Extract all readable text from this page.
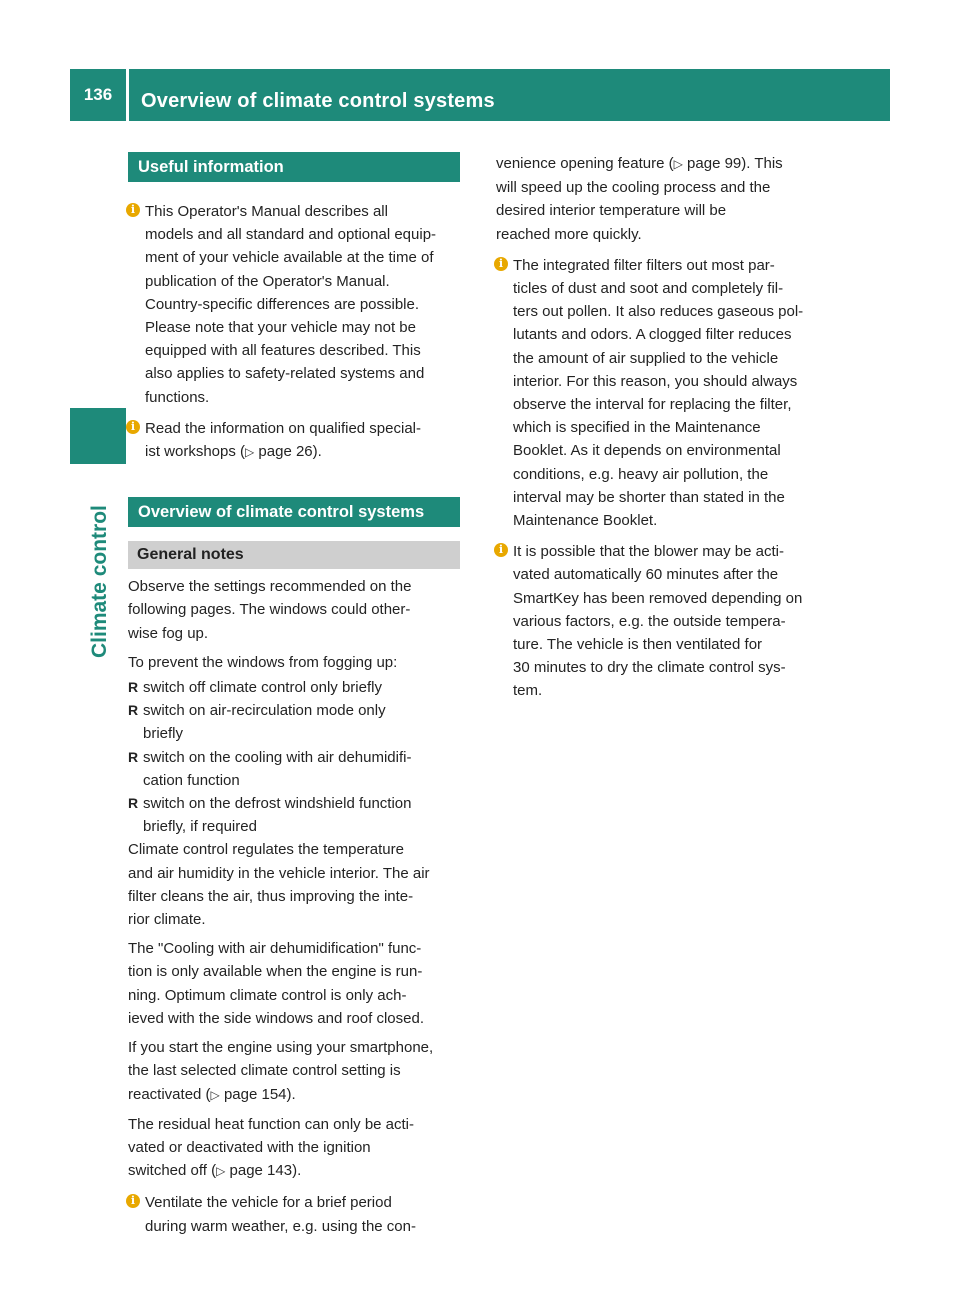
136	Overview of climate control systems
Climate control
Useful information
i This Operator's Manual describes all
models and all standard and optional equip-
ment of your vehicle available at the time of
publication of the Operator's Manual.
Country-specific differences are possible.
Please note that your vehicle may not be
equipped with all features described. This
also applies to safety-related systems and
functions.
i Read the information on qualified special-
ist workshops (▷ page 26).
Overview of climate control systems
General notes

Observe the settings recommended on the
following pages. The windows could other-
wise fog up.

To prevent the windows from fogging up:

R switch off climate control only briefly
R switch on air-recirculation mode only
briefly
R switch on the cooling with air dehumidifi-
cation function
R switch on the defrost windshield function
briefly, if required

Climate control regulates the temperature
and air humidity in the vehicle interior. The air
filter cleans the air, thus improving the inte-
rior climate.

The "Cooling with air dehumidification" func-
tion is only available when the engine is run-
ning. Optimum climate control is only ach-
ieved with the side windows and roof closed.

If you start the engine using your smartphone,
the last selected climate control setting is
reactivated (▷ page 154).

The residual heat function can only be acti-
vated or deactivated with the ignition
switched off (▷ page 143).

i Ventilate the vehicle for a brief period
during warm weather, e.g. using the con-
venience opening feature (▷ page 99). This
will speed up the cooling process and the
desired interior temperature will be
reached more quickly.
i The integrated filter filters out most par-
ticles of dust and soot and completely fil-
ters out pollen. It also reduces gaseous pol-
lutants and odors. A clogged filter reduces
the amount of air supplied to the vehicle
interior. For this reason, you should always
observe the interval for replacing the filter,
which is specified in the Maintenance
Booklet. As it depends on environmental
conditions, e.g. heavy air pollution, the
interval may be shorter than stated in the
Maintenance Booklet.
i It is possible that the blower may be acti-
vated automatically 60 minutes after the
SmartKey has been removed depending on
various factors, e.g. the outside tempera-
ture. The vehicle is then ventilated for
30 minutes to dry the climate control sys-
tem.
